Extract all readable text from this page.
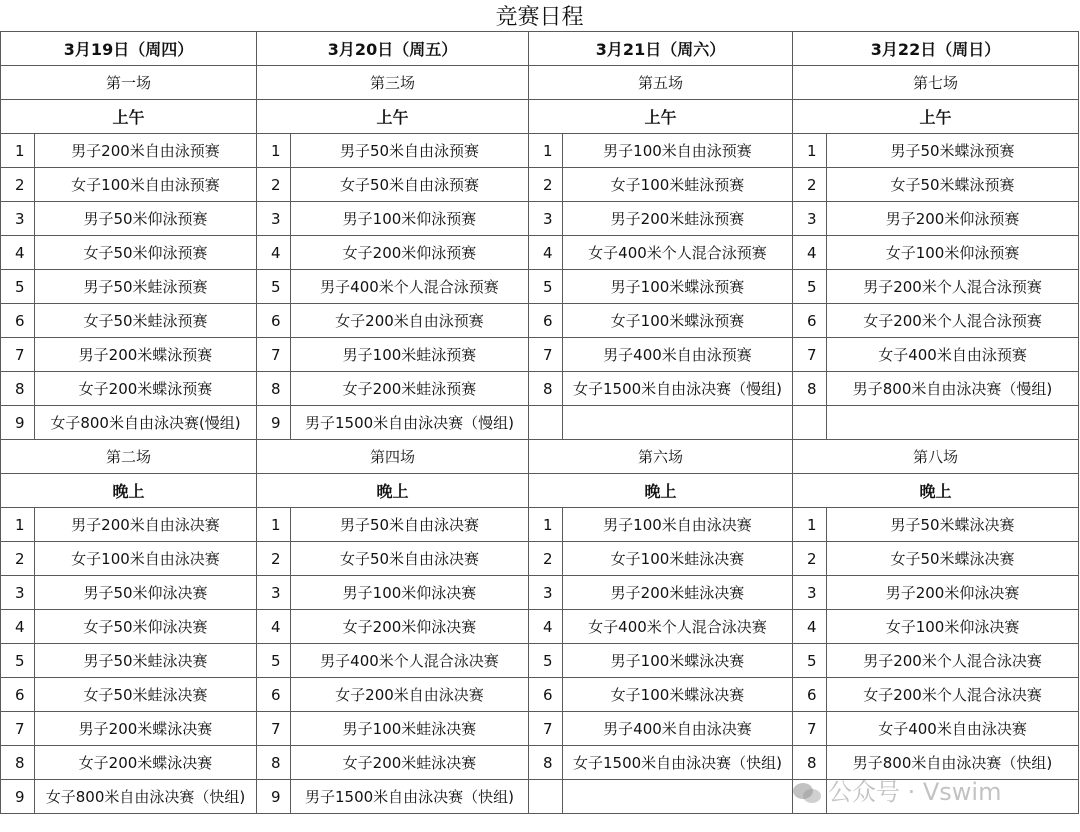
竞赛日程							
3月19日（周四）		3月20日（周五）		3月21日（周六）		3月22日（周日）	
第一场		第三场		第五场		第七场	
上午		上午		上午		上午	
1	男子200米自由泳预赛	1	男子50米自由泳预赛	1	男子100米自由泳预赛	1	男子50米蝶泳预赛
2	女子100米自由泳预赛	2	女子50米自由泳预赛	2	女子100米蛙泳预赛	2	女子50米蝶泳预赛
3	男子50米仰泳预赛	3	男子100米仰泳预赛	3	男子200米蛙泳预赛	3	男子200米仰泳预赛
4	女子50米仰泳预赛	4	女子200米仰泳预赛	4	女子400米个人混合泳预赛	4	女子100米仰泳预赛
5	男子50米蛙泳预赛	5	男子400米个人混合泳预赛	5	男子100米蝶泳预赛	5	男子200米个人混合泳预赛
6	女子50米蛙泳预赛	6	女子200米自由泳预赛	6	女子100米蝶泳预赛	6	女子200米个人混合泳预赛
7	男子200米蝶泳预赛	7	男子100米蛙泳预赛	7	男子400米自由泳预赛	7	女子400米自由泳预赛
8	女子200米蝶泳预赛	8	女子200米蛙泳预赛	8	女子1500米自由泳决赛（慢组)	8	男子800米自由泳决赛（慢组)
9	女子800米自由泳决赛(慢组)	9	男子1500米自由泳决赛（慢组)				
第二场		第四场		第六场		第八场	
晚上		晚上		晚上		晚上	
1	男子200米自由泳决赛	1	男子50米自由泳决赛	1	男子100米自由泳决赛	1	男子50米蝶泳决赛
2	女子100米自由泳决赛	2	女子50米自由泳决赛	2	女子100米蛙泳决赛	2	女子50米蝶泳决赛
3	男子50米仰泳决赛	3	男子100米仰泳决赛	3	男子200米蛙泳决赛	3	男子200米仰泳决赛
4	女子50米仰泳决赛	4	女子200米仰泳决赛	4	女子400米个人混合泳决赛	4	女子100米仰泳决赛
5	男子50米蛙泳决赛	5	男子400米个人混合泳决赛	5	男子100米蝶泳决赛	5	男子200米个人混合泳决赛
6	女子50米蛙泳决赛	6	女子200米自由泳决赛	6	女子100米蝶泳决赛	6	女子200米个人混合泳决赛
7	男子200米蝶泳决赛	7	男子100米蛙泳决赛	7	男子400米自由泳决赛	7	女子400米自由泳决赛
8	女子200米蝶泳决赛	8	女子200米蛙泳决赛	8	女子1500米自由泳决赛（快组)	8	男子800米自由泳决赛（快组)
9	女子800米自由泳决赛（快组)	9	男子1500米自由泳决赛（快组)					公众号 · Vswim
